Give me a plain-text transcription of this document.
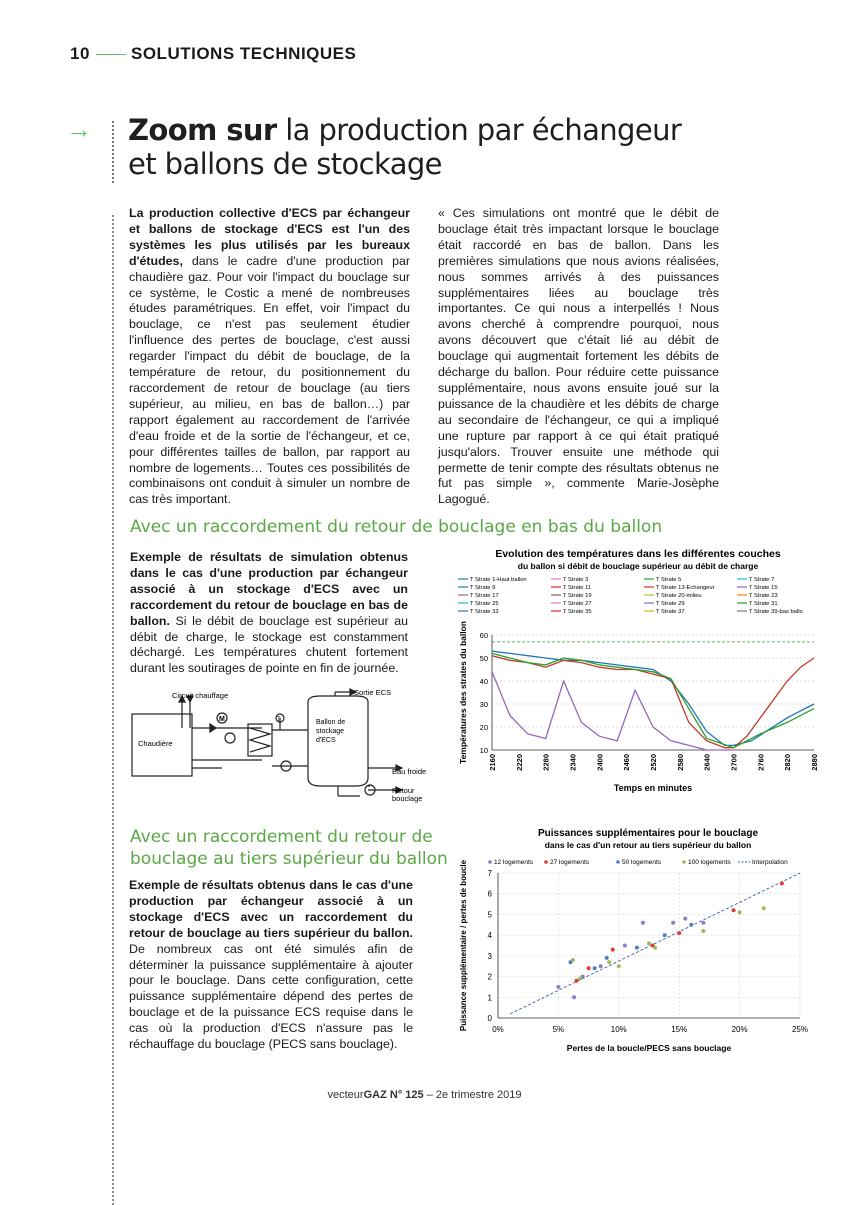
10 SOLUTIONS TECHNIQUES
→ Zoom sur la production par échangeur
et ballons de stockage
La production collective d'ECS par échangeur et ballons de stockage d'ECS est l'un des systèmes les plus utilisés par les bureaux d'études, dans le cadre d'une production par chaudière gaz. Pour voir l'impact du bouclage sur ce système, le Costic a mené de nombreuses études paramétriques. En effet, voir l'impact du bouclage, ce n'est pas seulement étudier l'influence des pertes de bouclage, c'est aussi regarder l'impact du débit de bouclage, de la température de retour, du positionnement du raccordement de retour de bouclage (au tiers supérieur, au milieu, en bas de ballon…) par rapport également au raccordement de l'arrivée d'eau froide et de la sortie de l'échangeur, et ce, pour différentes tailles de ballon, par rapport au nombre de logements… Toutes ces possibilités de combinaisons ont conduit à simuler un nombre de cas très important.
« Ces simulations ont montré que le débit de bouclage était très impactant lorsque le bouclage était raccordé en bas de ballon. Dans les premières simulations que nous avions réalisées, nous sommes arrivés à des puissances supplémentaires liées au bouclage très importantes. Ce qui nous a interpellés ! Nous avons cherché à comprendre pourquoi, nous avons découvert que c'était lié au débit de bouclage qui augmentait fortement les débits de décharge du ballon. Pour réduire cette puissance supplémentaire, nous avons ensuite joué sur la puissance de la chaudière et les débits de charge au secondaire de l'échangeur, ce qui a impliqué une rupture par rapport à ce qui était pratiqué jusqu'alors. Trouver ensuite une méthode qui permette de tenir compte des résultats obtenus ne fut pas simple », commente Marie-Josèphe Lagogué.
Avec un raccordement du retour de bouclage en bas du ballon
Exemple de résultats de simulation obtenus dans le cas d'une production par échangeur associé à un stockage d'ECS avec un raccordement du retour de bouclage en bas de ballon. Si le débit de bouclage est supérieur au débit de charge, le stockage est constamment déchargé. Les températures chutent fortement durant les soutirages de pointe en fin de journée.
Circuit chauffage	Sortie ECS
Chaudière
Ballon de
stockage
d'ECS
Eau froide
Retour
bouclage
M	T
Evolution des températures dans les différentes couches
du ballon si débit de bouclage supérieur au débit de charge
T Strate 1-Haut ballon	T Strate 3	T Strate 5	T Strate 7
T Strate 9	T Strate 11	T Strate 13-Echangeur	T Strate 15
T Strate 17	T Strate 19	T Strate 20-milieu	T Strate 23
T Strate 25	T Strate 27	T Strate 29	T Strate 31
T Strate 33	T Strate 35	T Strate 37	T Strate 39-bas ballo
10
20
30
40
50
60
2160 2220 2280 2340 2400 2460 2520 2580 2640 2700 2760 2820 2880
Temps en minutes
Températures des strates du ballon
Avec un raccordement du retour de
bouclage au tiers supérieur du ballon
Exemple de résultats obtenus dans le cas d'une production par échangeur associé à un stockage d'ECS avec un raccordement du retour de bouclage au tiers supérieur du ballon. De nombreux cas ont été simulés afin de déterminer la puissance supplémentaire à ajouter pour le bouclage. Dans cette configuration, cette puissance supplémentaire dépend des pertes de bouclage et de la puissance ECS requise dans le cas où la production d'ECS n'assure pas le réchauffage du bouclage (PECS sans bouclage).
Puissances supplémentaires pour le bouclage
dans le cas d'un retour au tiers supérieur du ballon
12 logements	27 logements	50 logements	100 logements	Interpolation
0
1
2
3
4
5
6
7
0%	5%	10%	15%	20%	25%
Pertes de la boucle/PECS sans bouclage
Puissance supplémentaire / pertes de boucle
vecteurGAZ N° 125 – 2e trimestre 2019
